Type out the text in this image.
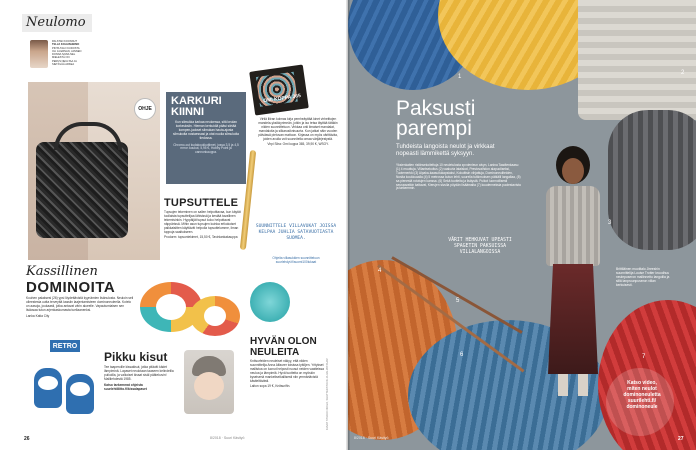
Neulomo
PALSTAN KOONNUT
TELJA KOLHINHEIMO
PINTA TALO KUDOSTA
OLI JA ERNAN, JANNEN
DONNA IVANA NEL
MIELESTÄ ON
PERUS NEULTAA JA
SIETÄVÄÄ ARKEA
OHJE
KARKURI KIINNI
Kun silmukka karkaa neuloessa, sitä keulan korkeuksiin. Hieman kerkuidiä pääsi siirtää kompen-juokset silmukan hauta-ajosta silmukoita nostaessasi ja otat nuolia silmukoita tiedossa.
Chromo-cut kudakoukkuttimet, jossa 3,5 ja 4,5 mm:n koukut, 5,95 €, Hobby Point ja cannonkauppa.
OMI KOPPA 365
Virtiä lliiran kolmas kirja pemheäyttää kinet virheittojen mandela-yksikkyrimeän, jotkin ja iso tetsa täyttää tätäkin niiden suunnitteluun. Virkkaa orki ilmaiset mandalat, mandaloita ja silkarusiknisuurta. Kun jatkat näin vuoden päivässä pietuvan mattoon. Kirjassa on myös värittäväa, joiden avulla voit suunnitella omaa värijärjestystä.
Virpi Siira: Omi koppa 365, 39,90 €, WSOY.
TUPSUTTELE
Tupsujen tekeminen on sallen helpoittavaa, kun käytät tuollaista tupsuttelijaa lähisissä ja kestää tavallinen tekemisinkin. Hyppäijät tupsut koko helpottavat näppärissä. Mihin asun tupsujen kuinka erikokoiset paikkaisitten käyttävät helpolla tupsuttelumme, ilman tuppuja saaltukseen.
Prodorm: tupsuntekimet, 15,50 €, Tavinlankakauppa
SUUNNITTELE VILLAVUKAT JOISSA KELPAA JUHLIA SATAVUOTIASTA SUOMEA.
Ohjeita villasukkien suunnitteluun suurlehdyt.fi/suomi100lukaat
Kassillinen
DOMINOITA
Kouhen palaksesi (26) ypsi löydettävistä kyynämien lisänulosta. Neuloin seli olleestesta uutta terveyttä kassiin laajentamisteen dominoneuleella. Kotelo on aasoja, joukaasti, jotka antavat värin alueelle. Vapautumiaisen sen lisäosaa tutun arjenkaskumasta tuellaanenksi.
Lanka Katia City
RETRO
Pikku kisut
Tee taaperoille kissakisut, jotka pitävät kädet lämpiminä. Lapaset neulotaan taaseen kelindeilla puikoilla, ja valkoiset kissat sisäl päätekuvin! Mallilehdestä 1985.
Katso tarkemmat ohjeista suurlehtiliitto.fi/kissalapaset
HYVÄN OLON NEULEITA
Knitsurfeiden neuleiset näkyy, että niiden suunnittelija Anna Alfaurer toisissa tyttöjen. Yritykset mallistoa on luonut helposti ruusut neiden vaatteissa neuloa ja lämpimiä. Hyvä tuotteita on myöskin kyseisenä mankeliseikallisesti niin ymmärtävistä käsiteltävästi.
Laiton sopa 19 €, Knitsurifin.	KUVAT STUDIO ORIGO, SHUTTERSTOCK JA VALMISTAJAT
26	8/2018 · Suuri Käsityö
1
2
3
4
5
6	7
Paksusti
parempi
Tuhdeista langoista neulot ja virkkaat nopeasti lämmikettä syksyyn.
Yksienkaiten ristiinsekoiteltuja 10 neuletulosta zpvdenleun alvyn, Lanina Taadtenkaasu (1) 4 muuttuja, Villantsekoitus (2) vaaluvia lataiskat, Prestovaihdon alapuoliseksi, Tuotemerkki (3) Alpaka-kaasuitukapsiaksi, Kokuittsin vihjattuja, Dominoneuliteiden, Nosita koukkuaalla (4) 5 metrossa kutun lehti, suurella tutkimuksen pätkälli langallaa, (5) sa pienestä rotutujen kanssa. (6) Sekä tuotteita ja lisäystä. Puikot luonnollisesti seuraavatkin kattavat, Kierujen sivulla pöydän lisäämalta (7) kuudenneksia puolestavista ja tarkemmin.
VÄRIT HEHKUVAT UPEASTI SPAGETIN PAKSUISSA VILLALANGOISSA
Brittiläinen muotitalo Jireeshin suunnittelija Louise Trotter kruodhuu neulepuseron mallinnettu langoilla ja sillä lanpruunpuseron villan kerkuisesti.
Katso video,
miten neulot
dominoneuletta
suurilehti.fi/
dominoneule
8/2018 · Suuri Käsityö	27
